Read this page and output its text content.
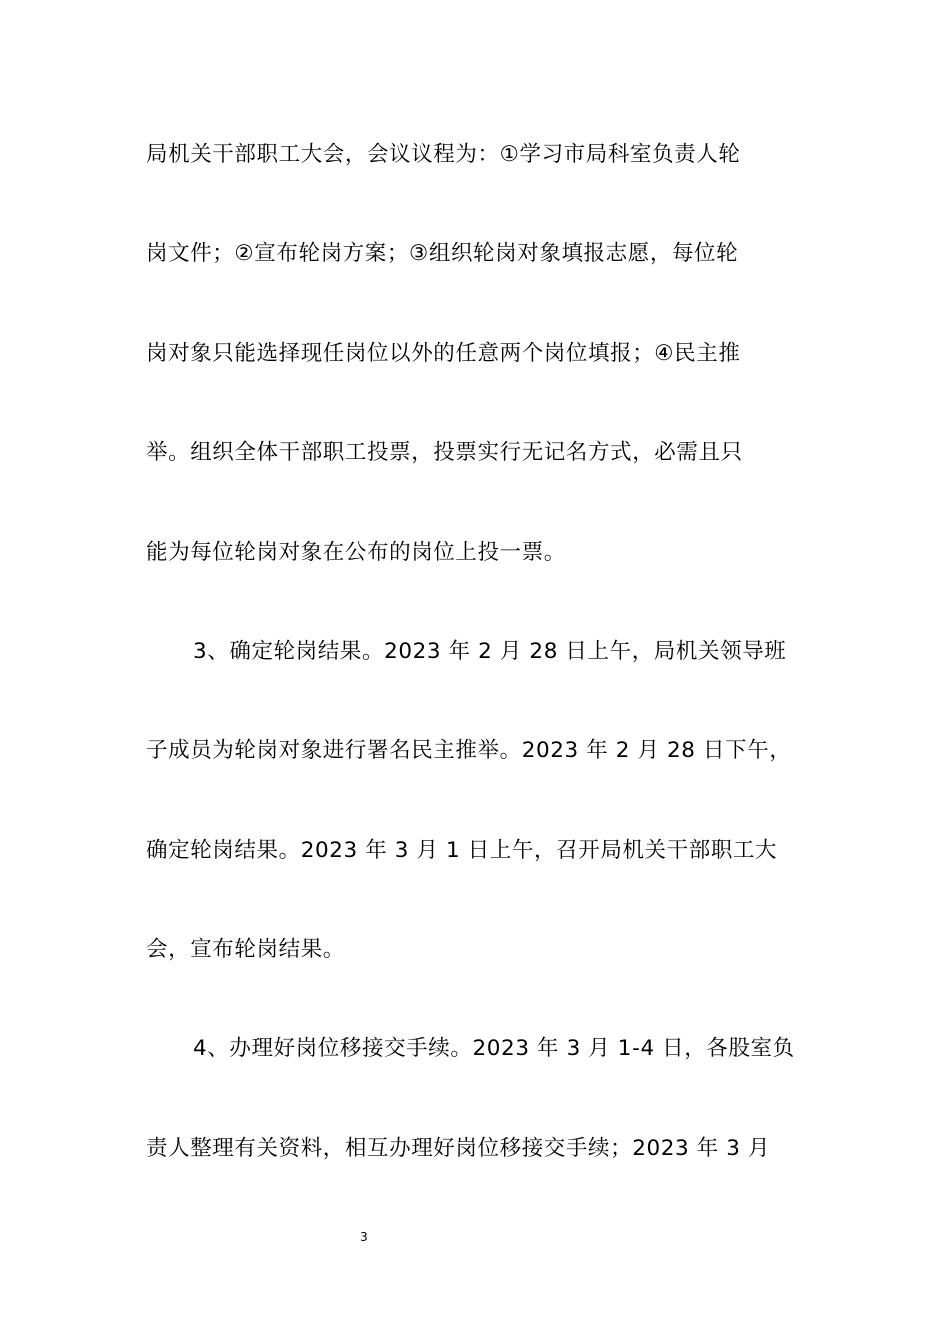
局机关干部职工大会，会议议程为：①学习市局科室负责人轮
岗文件；②宣布轮岗方案；③组织轮岗对象填报志愿，每位轮
岗对象只能选择现任岗位以外的任意两个岗位填报；④民主推
举。组织全体干部职工投票，投票实行无记名方式，必需且只
能为每位轮岗对象在公布的岗位上投一票。
3、确定轮岗结果。2023 年 2 月 28 日上午，局机关领导班
子成员为轮岗对象进行署名民主推举。2023 年 2 月 28 日下午，
确定轮岗结果。2023 年 3 月 1 日上午，召开局机关干部职工大
会，宣布轮岗结果。
4、办理好岗位移接交手续。2023 年 3 月 1-4 日，各股室负
责人整理有关资料，相互办理好岗位移接交手续；2023 年 3 月
3
